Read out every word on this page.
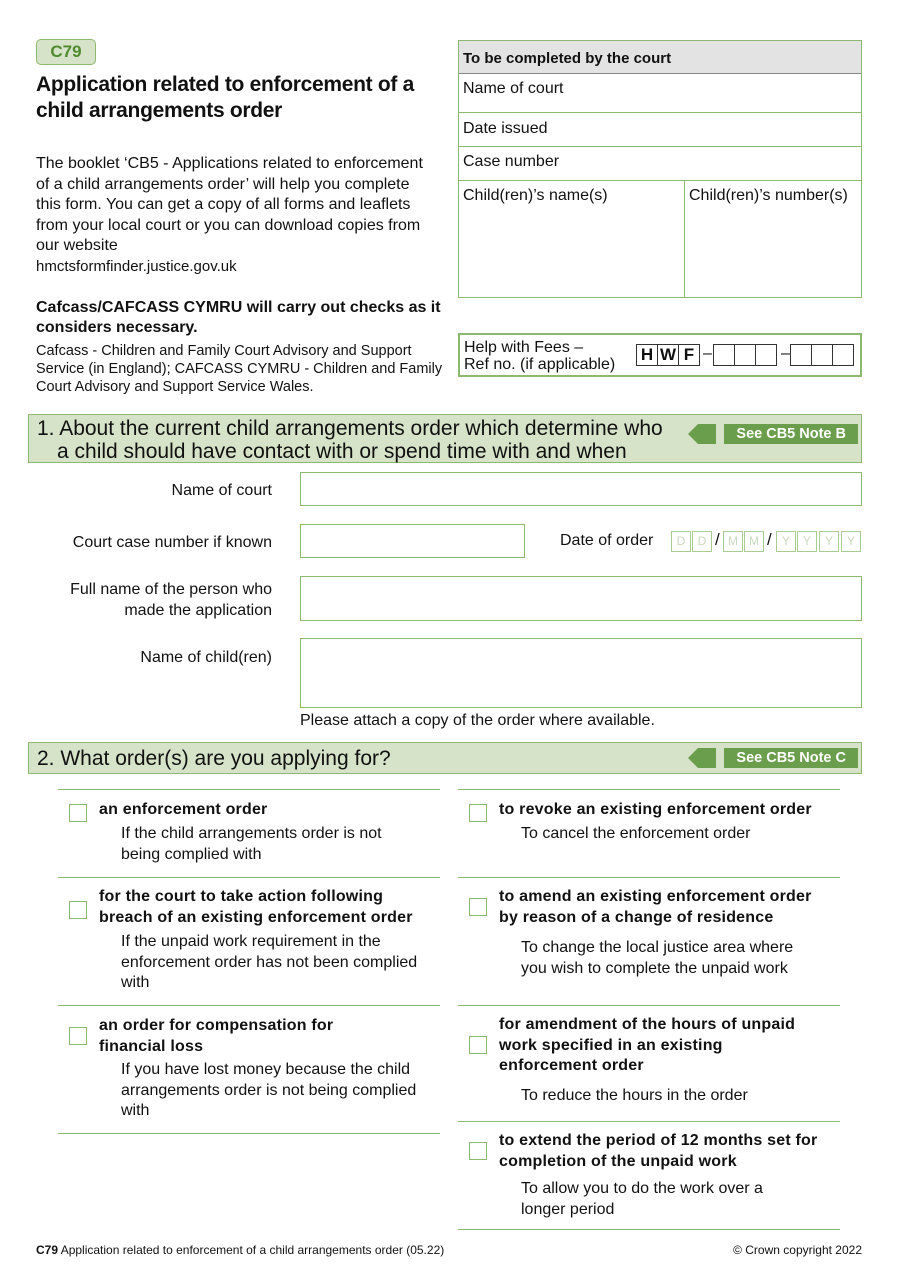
C79
Application related to enforcement of a child arrangements order
The booklet ‘CB5 - Applications related to enforcement of a child arrangements order’ will help you complete this form. You can get a copy of all forms and leaflets from your local court or you can download copies from our website
hmctsformfinder.justice.gov.uk
Cafcass/CAFCASS CYMRU will carry out checks as it considers necessary.
Cafcass - Children and Family Court Advisory and Support Service (in England); CAFCASS CYMRU - Children and Family Court Advisory and Support Service Wales.
To be completed by the court
Name of court
Date issued
Case number
Child(ren)’s name(s)	Child(ren)’s number(s)
Help with Fees –
Ref no. (if applicable)
H W F –	–
1. About the current child arrangements order which determine who
a child should have contact with or spend time with and when
See CB5 Note B
Name of court
Court case number if known	Date of order	D	D / M M / Y	Y	Y	Y
Full name of the person who
made the application
Name of child(ren)
Please attach a copy of the order where available.
2. What order(s) are you applying for?	See CB5 Note C
an enforcement order
If the child arrangements order is not being complied with
for the court to take action following breach of an existing enforcement order
If the unpaid work requirement in the enforcement order has not been complied with
an order for compensation for financial loss
If you have lost money because the child arrangements order is not being complied with
to revoke an existing enforcement order
To cancel the enforcement order
to amend an existing enforcement order by reason of a change of residence
To change the local justice area where you wish to complete the unpaid work
for amendment of the hours of unpaid work specified in an existing enforcement order
To reduce the hours in the order
to extend the period of 12 months set for completion of the unpaid work
To allow you to do the work over a longer period
C79 Application related to enforcement of a child arrangements order (05.22)	© Crown copyright 2022
